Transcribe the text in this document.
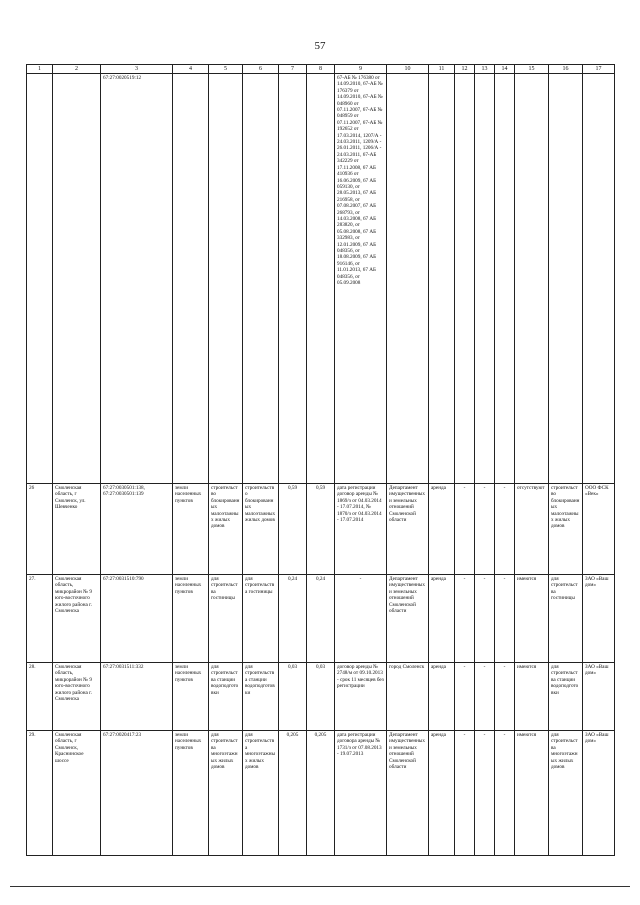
57
1	2	3	4	5	6	7	8	9	10	11	12	13	14	15	16	17
		67:27:0020519:12						67-АБ № 176380 от 14.09.2010, 67-АБ № 176379 от 14.09.2010, 67-АБ № 048960 от 07.11.2007, 67-АБ № 048959 от 07.11.2007, 67-АБ № 192652 от 17.03.2014, 1207/А - 24.03.2011, 1209/А - 26.01.2011, 1206/А - 24.03.2011, 67-АБ 342229 от 17.11.2008, 67 АБ 410936 от 16.06.2009, 67 АБ 059130, от 28.05.2013, 67 АБ 216958, от 07.08.2007, 67 АБ 268793, от 14.03.2008, 67 АБ 283820, от 05.08.2008, 67 АБ 332983, от 12.01.2009, 67 АБ 048356, от 18.08.2009, 67 АБ 916146, от 11.01.2013, 67 АБ 048356, от 05.09.2008								
26	Смоленская область, г Смоленск, ул. Шевченко	67:27:0030501:138, 67:27:0030501:139	земли населенных пунктов	строительство блокированных малоэтажных жилых домов	строительство блокированных малоэтажных жилых домов	0,59	0,59	дата регистрации договор аренды № 1869/з от 04.03.2014 - 17.07.2014, № 1870/з от 04.03.2014 - 17.07.2014	Департамент имущественных и земельных отношений Смоленской области	аренда	-	-	-	отсутствуют	строительство блокированных малоэтажных жилых домов	ООО ФСК «Век»
27.	Смоленская область, микрорайон № 9 юго-восточного жилого района г. Смоленска	67:27:0031510:790	земли населенных пунктов	для строительства гостиницы	для строительства гостиницы	0,24	0,24	-	Департамент имущественных и земельных отношений Смоленской области	аренда	-	-	-	имеются	для строительства гостиницы	ЗАО «Ваш дом»
28.	Смоленская область, микрорайон № 9 юго-восточного жилого района г. Смоленска	67:27:0031511:332	земли населенных пунктов	для строительства станции водоподготовки	для строительства станции водоподготовки	0,03	0,03	договор аренды № 2748/м от 09.10.2013 - срок 11 месяцев без регистрации	город Смоленск	аренда	-	-	-	имеются	для строительства станции водоподготовки	ЗАО «Ваш дом»
29.	Смоленская область, г Смоленск, Краснинское шоссе	67:27:0020417:23	земли населенных пунктов	для строительства многоэтажных жилых домов	для строительства многоэтажных жилых домов	0,205	0,205	дата регистрации договора аренды № 1731/з от 07.08.2013 - 19.07.2013	Департамент имущественных и земельных отношений Смоленской области	аренда	-	-	-	имеются	для строительства многоэтажных жилых домов	ЗАО «Ваш дом»
